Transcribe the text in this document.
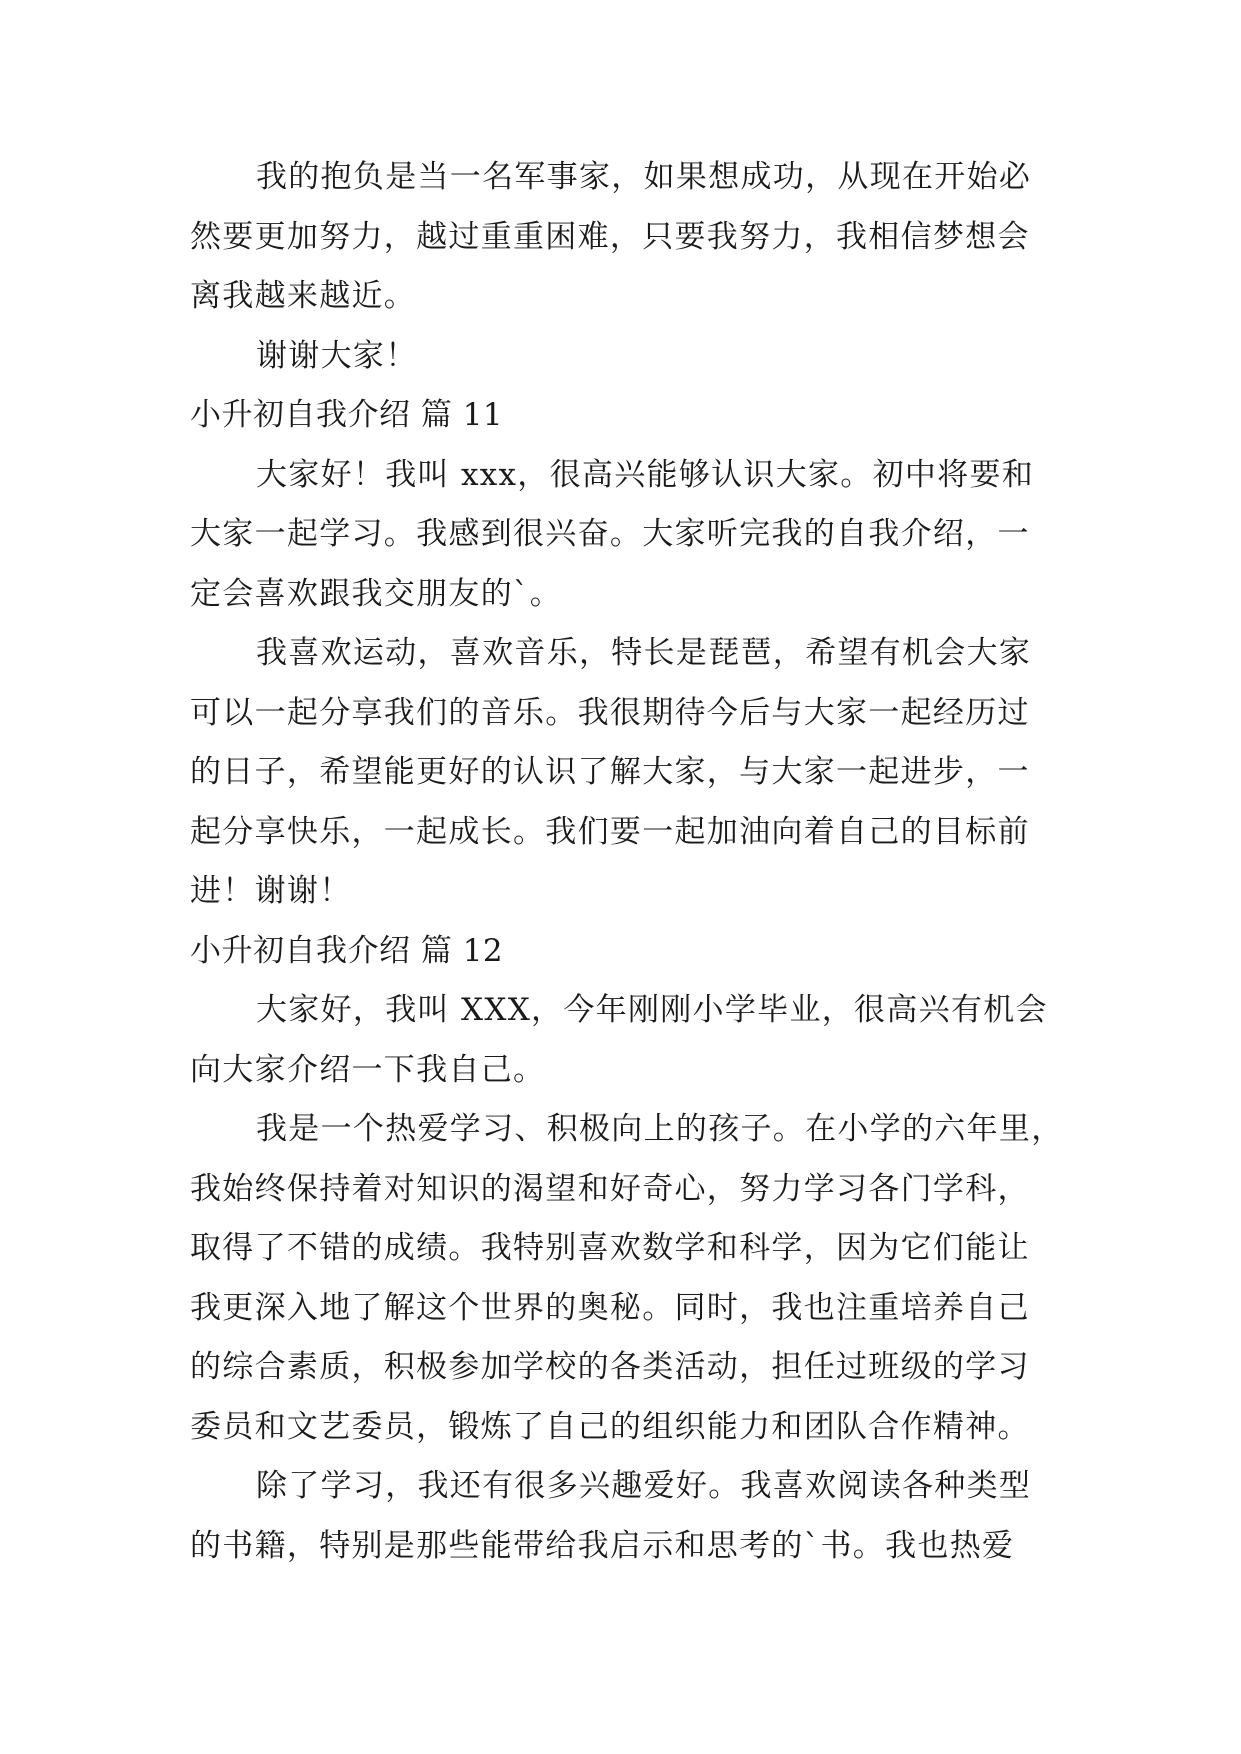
我的抱负是当一名军事家，如果想成功，从现在开始必
然要更加努力，越过重重困难，只要我努力，我相信梦想会
离我越来越近。
谢谢大家！
小升初自我介绍 篇 11
大家好！我叫 xxx，很高兴能够认识大家。初中将要和
大家一起学习。我感到很兴奋。大家听完我的自我介绍，一
定会喜欢跟我交朋友的`。
我喜欢运动，喜欢音乐，特长是琵琶，希望有机会大家
可以一起分享我们的音乐。我很期待今后与大家一起经历过
的日子，希望能更好的认识了解大家，与大家一起进步，一
起分享快乐，一起成长。我们要一起加油向着自己的目标前
进！谢谢！
小升初自我介绍 篇 12
大家好，我叫 XXX，今年刚刚小学毕业，很高兴有机会
向大家介绍一下我自己。
我是一个热爱学习、积极向上的孩子。在小学的六年里，
我始终保持着对知识的渴望和好奇心，努力学习各门学科，
取得了不错的成绩。我特别喜欢数学和科学，因为它们能让
我更深入地了解这个世界的奥秘。同时，我也注重培养自己
的综合素质，积极参加学校的各类活动，担任过班级的学习
委员和文艺委员，锻炼了自己的组织能力和团队合作精神。
除了学习，我还有很多兴趣爱好。我喜欢阅读各种类型
的书籍，特别是那些能带给我启示和思考的`书。我也热爱
